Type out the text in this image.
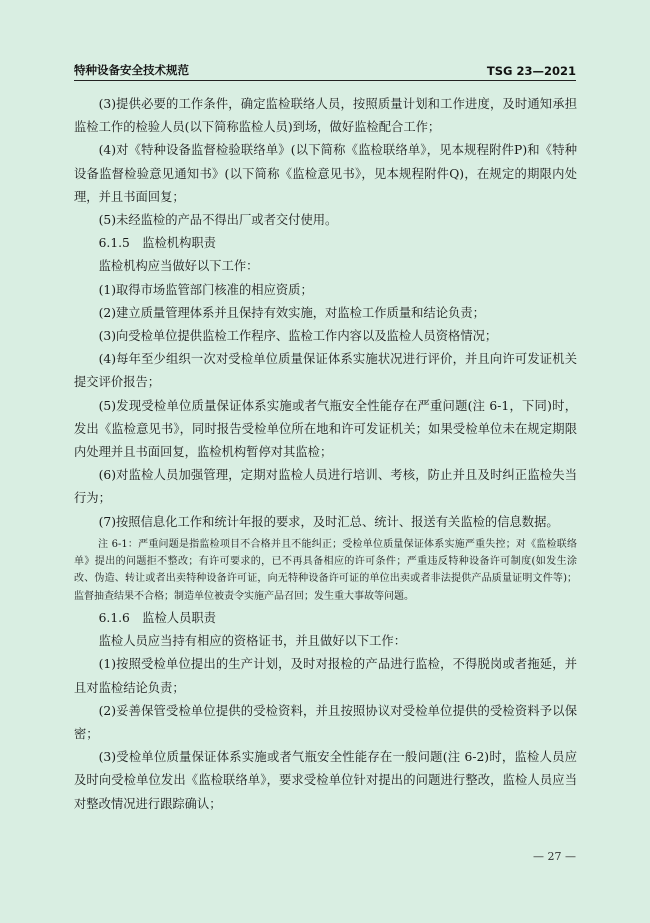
特种设备安全技术规范	TSG 23—2021

(3)提供必要的工作条件，确定监检联络人员，按照质量计划和工作进度，及时通知承担监检工作的检验人员(以下简称监检人员)到场，做好监检配合工作；

(4)对《特种设备监督检验联络单》(以下简称《监检联络单》，见本规程附件P)和《特种设备监督检验意见通知书》(以下简称《监检意见书》，见本规程附件Q)，在规定的期限内处理，并且书面回复；

(5)未经监检的产品不得出厂或者交付使用。

6.1.5　监检机构职责

监检机构应当做好以下工作：

(1)取得市场监管部门核准的相应资质；

(2)建立质量管理体系并且保持有效实施，对监检工作质量和结论负责；

(3)向受检单位提供监检工作程序、监检工作内容以及监检人员资格情况；

(4)每年至少组织一次对受检单位质量保证体系实施状况进行评价，并且向许可发证机关提交评价报告；

(5)发现受检单位质量保证体系实施或者气瓶安全性能存在严重问题(注 6-1，下同)时，发出《监检意见书》，同时报告受检单位所在地和许可发证机关；如果受检单位未在规定期限内处理并且书面回复，监检机构暂停对其监检；

(6)对监检人员加强管理，定期对监检人员进行培训、考核，防止并且及时纠正监检失当行为；

(7)按照信息化工作和统计年报的要求，及时汇总、统计、报送有关监检的信息数据。

注 6-1：严重问题是指监检项目不合格并且不能纠正；受检单位质量保证体系实施严重失控；对《监检联络单》提出的问题拒不整改；有许可要求的，已不再具备相应的许可条件；严重违反特种设备许可制度(如发生涂改、伪造、转让或者出卖特种设备许可证，向无特种设备许可证的单位出卖或者非法提供产品质量证明文件等)；监督抽查结果不合格；制造单位被责令实施产品召回；发生重大事故等问题。

6.1.6　监检人员职责

监检人员应当持有相应的资格证书，并且做好以下工作：

(1)按照受检单位提出的生产计划，及时对报检的产品进行监检，不得脱岗或者拖延，并且对监检结论负责；

(2)妥善保管受检单位提供的受检资料，并且按照协议对受检单位提供的受检资料予以保密；

(3)受检单位质量保证体系实施或者气瓶安全性能存在一般问题(注 6-2)时，监检人员应及时向受检单位发出《监检联络单》，要求受检单位针对提出的问题进行整改，监检人员应当对整改情况进行跟踪确认；

— 27 —
